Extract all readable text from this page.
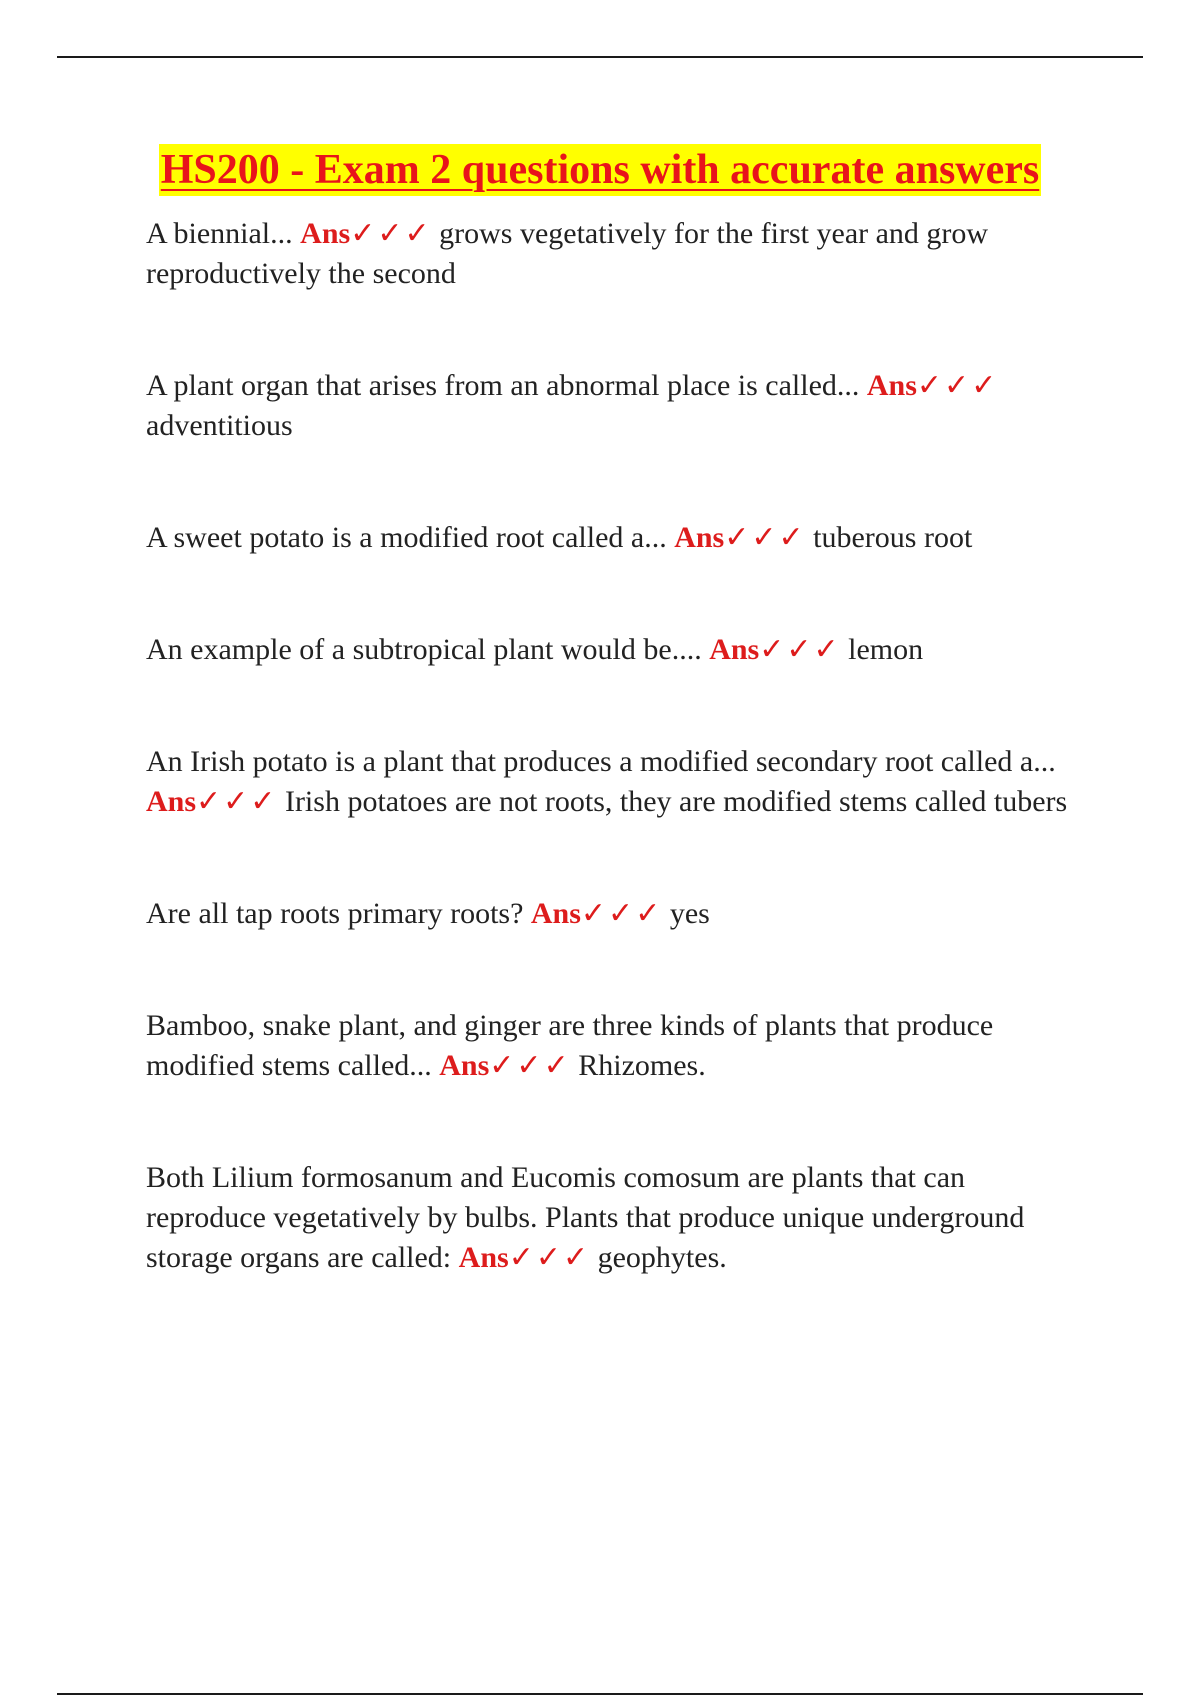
HS200 - Exam 2 questions with accurate answers

A biennial... Ans✓✓✓ grows vegetatively for the first year and grow reproductively the second

A plant organ that arises from an abnormal place is called... Ans✓✓✓ adventitious

A sweet potato is a modified root called a... Ans✓✓✓ tuberous root

An example of a subtropical plant would be.... Ans✓✓✓ lemon

An Irish potato is a plant that produces a modified secondary root called a... Ans✓✓✓ Irish potatoes are not roots, they are modified stems called tubers

Are all tap roots primary roots? Ans✓✓✓ yes

Bamboo, snake plant, and ginger are three kinds of plants that produce modified stems called... Ans✓✓✓ Rhizomes.

Both Lilium formosanum and Eucomis comosum are plants that can reproduce vegetatively by bulbs. Plants that produce unique underground storage organs are called: Ans✓✓✓ geophytes.
